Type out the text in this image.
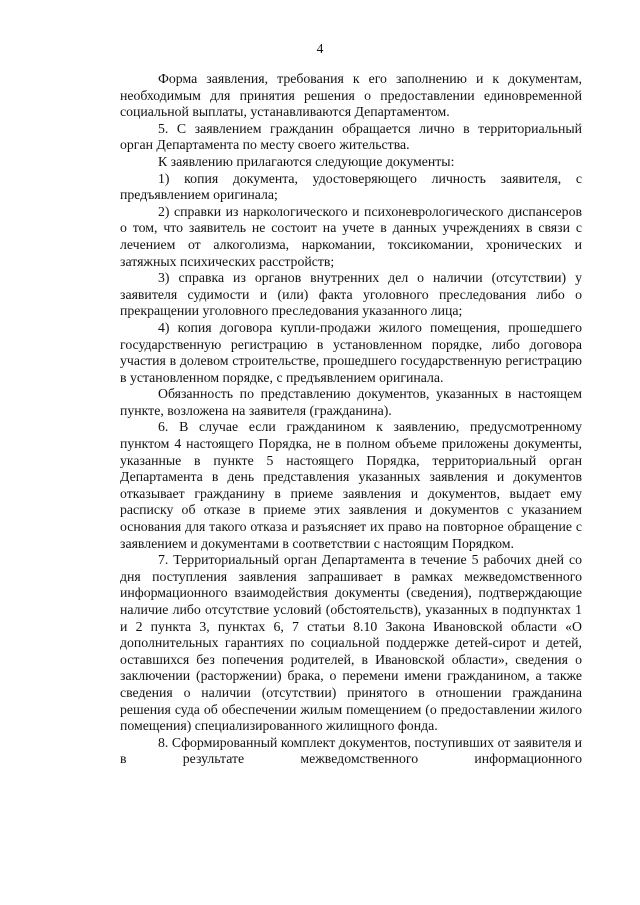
4

Форма заявления, требования к его заполнению и к документам, необходимым для принятия решения о предоставлении единовременной социальной выплаты, устанавливаются Департаментом.

5. С заявлением гражданин обращается лично в территориальный орган Департамента по месту своего жительства.

К заявлению прилагаются следующие документы:

1) копия документа, удостоверяющего личность заявителя, с предъявлением оригинала;

2) справки из наркологического и психоневрологического диспансеров о том, что заявитель не состоит на учете в данных учреждениях в связи с лечением от алкоголизма, наркомании, токсикомании, хронических и затяжных психических расстройств;

3) справка из органов внутренних дел о наличии (отсутствии) у заявителя судимости и (или) факта уголовного преследования либо о прекращении уголовного преследования указанного лица;

4) копия договора купли-продажи жилого помещения, прошедшего государственную регистрацию в установленном порядке, либо договора участия в долевом строительстве, прошедшего государственную регистрацию в установленном порядке, с предъявлением оригинала.

Обязанность по представлению документов, указанных в настоящем пункте, возложена на заявителя (гражданина).

6. В случае если гражданином к заявлению, предусмотренному пунктом 4 настоящего Порядка, не в полном объеме приложены документы, указанные в пункте 5 настоящего Порядка, территориальный орган Департамента в день представления указанных заявления и документов отказывает гражданину в приеме заявления и документов, выдает ему расписку об отказе в приеме этих заявления и документов с указанием основания для такого отказа и разъясняет их право на повторное обращение с заявлением и документами в соответствии с настоящим Порядком.

7. Территориальный орган Департамента в течение 5 рабочих дней со дня поступления заявления запрашивает в рамках межведомственного информационного взаимодействия документы (сведения), подтверждающие наличие либо отсутствие условий (обстоятельств), указанных в подпунктах 1 и 2 пункта 3, пунктах 6, 7 статьи 8.10 Закона Ивановской области «О дополнительных гарантиях по социальной поддержке детей-сирот и детей, оставшихся без попечения родителей, в Ивановской области», сведения о заключении (расторжении) брака, о перемени имени гражданином, а также сведения о наличии (отсутствии) принятого в отношении гражданина решения суда об обеспечении жилым помещением (о предоставлении жилого помещения) специализированного жилищного фонда.

8. Сформированный комплект документов, поступивших от заявителя и в результате межведомственного информационного
